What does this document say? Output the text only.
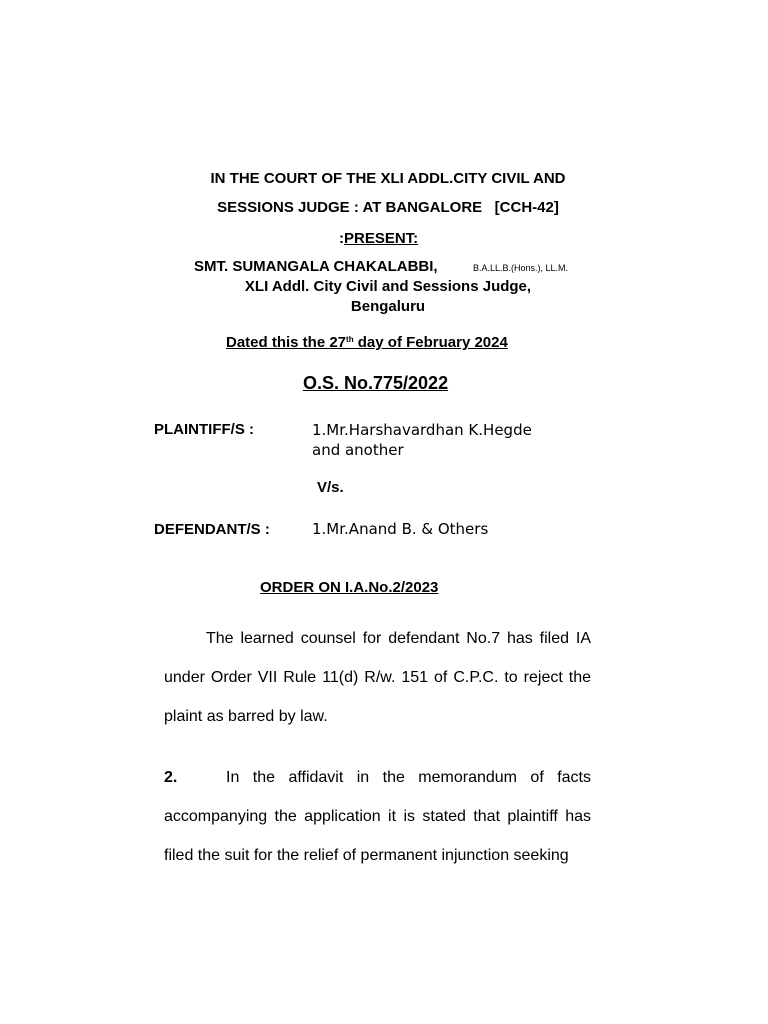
IN THE COURT OF THE XLI ADDL.CITY CIVIL AND
SESSIONS JUDGE : AT BANGALORE   [CCH-42]
:PRESENT:
SMT. SUMANGALA CHAKALABBI,	B.A.LL.B.(Hons.), LL.M.
XLI Addl. City Civil and Sessions Judge,
Bengaluru
Dated this the 27th day of February 2024
O.S. No.775/2022
PLAINTIFF/S :	1.Mr.Harshavardhan K.Hegde
and another
V/s.
DEFENDANT/S :	1.Mr.Anand B. & Others
ORDER ON I.A.No.2/2023
The learned counsel for defendant No.7 has filed IA under Order VII Rule 11(d) R/w. 151 of C.P.C. to reject the plaint as barred by law.
2.	In the affidavit in the memorandum of facts accompanying the application it is stated that plaintiff has filed the suit for the relief of permanent injunction seeking
